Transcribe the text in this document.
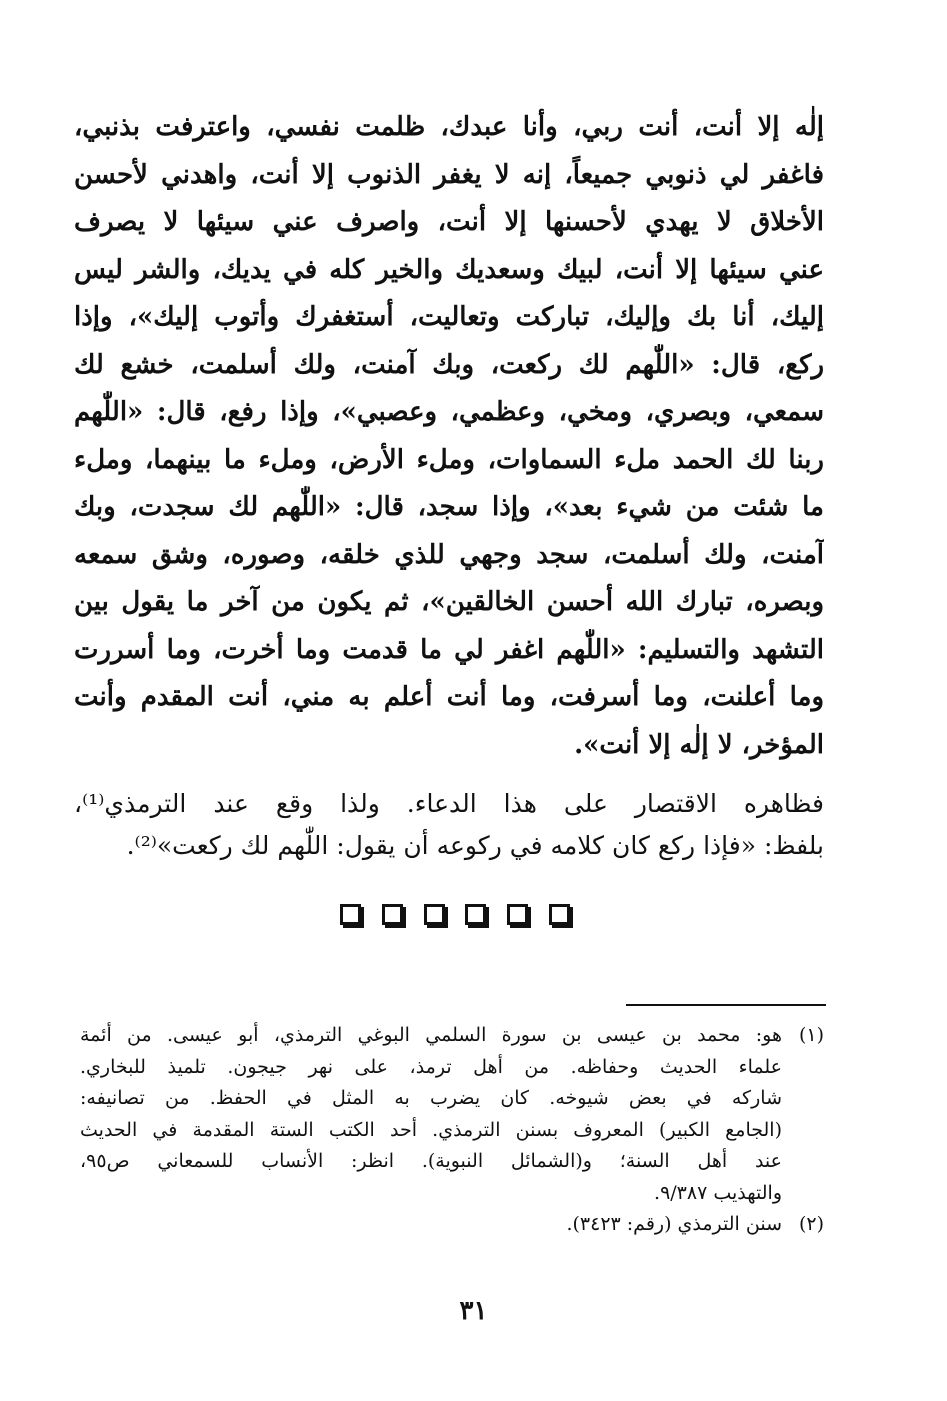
إلٰه إلا أنت، أنت ربي، وأنا عبدك، ظلمت نفسي، واعترفت بذنبي،
فاغفر لي ذنوبي جميعاً، إنه لا يغفر الذنوب إلا أنت، واهدني لأحسن
الأخلاق لا يهدي لأحسنها إلا أنت، واصرف عني سيئها لا يصرف
عني سيئها إلا أنت، لبيك وسعديك والخير كله في يديك، والشر ليس
إليك، أنا بك وإليك، تباركت وتعاليت، أستغفرك وأتوب إليك»، وإذا
ركع، قال: «اللّٰهم لك ركعت، وبك آمنت، ولك أسلمت، خشع لك
سمعي، وبصري، ومخي، وعظمي، وعصبي»، وإذا رفع، قال: «اللّٰهم
ربنا لك الحمد ملء السماوات، وملء الأرض، وملء ما بينهما، وملء
ما شئت من شيء بعد»، وإذا سجد، قال: «اللّٰهم لك سجدت، وبك
آمنت، ولك أسلمت، سجد وجهي للذي خلقه، وصوره، وشق سمعه
وبصره، تبارك الله أحسن الخالقين»، ثم يكون من آخر ما يقول بين
التشهد والتسليم: «اللّٰهم اغفر لي ما قدمت وما أخرت، وما أسررت
وما أعلنت، وما أسرفت، وما أنت أعلم به مني، أنت المقدم وأنت
المؤخر، لا إلٰه إلا أنت».
فظاهره الاقتصار على هذا الدعاء. ولذا وقع عند الترمذي⁽¹⁾،
بلفظ: «فإذا ركع كان كلامه في ركوعه أن يقول: اللّٰهم لك ركعت»⁽²⁾.
(١)هو: محمد بن عيسى بن سورة السلمي البوغي الترمذي، أبو عيسى. من أئمة
علماء الحديث وحفاظه. من أهل ترمذ، على نهر جيجون. تلميذ للبخاري.
شاركه في بعض شيوخه. كان يضرب به المثل في الحفظ. من تصانيفه:
(الجامع الكبير) المعروف بسنن الترمذي. أحد الكتب الستة المقدمة في الحديث
عند أهل السنة؛ و(الشمائل النبوية). انظر: الأنساب للسمعاني ص٩٥،
والتهذيب ٩/٣٨٧.
(٢)سنن الترمذي (رقم: ٣٤٢٣).
٣١
